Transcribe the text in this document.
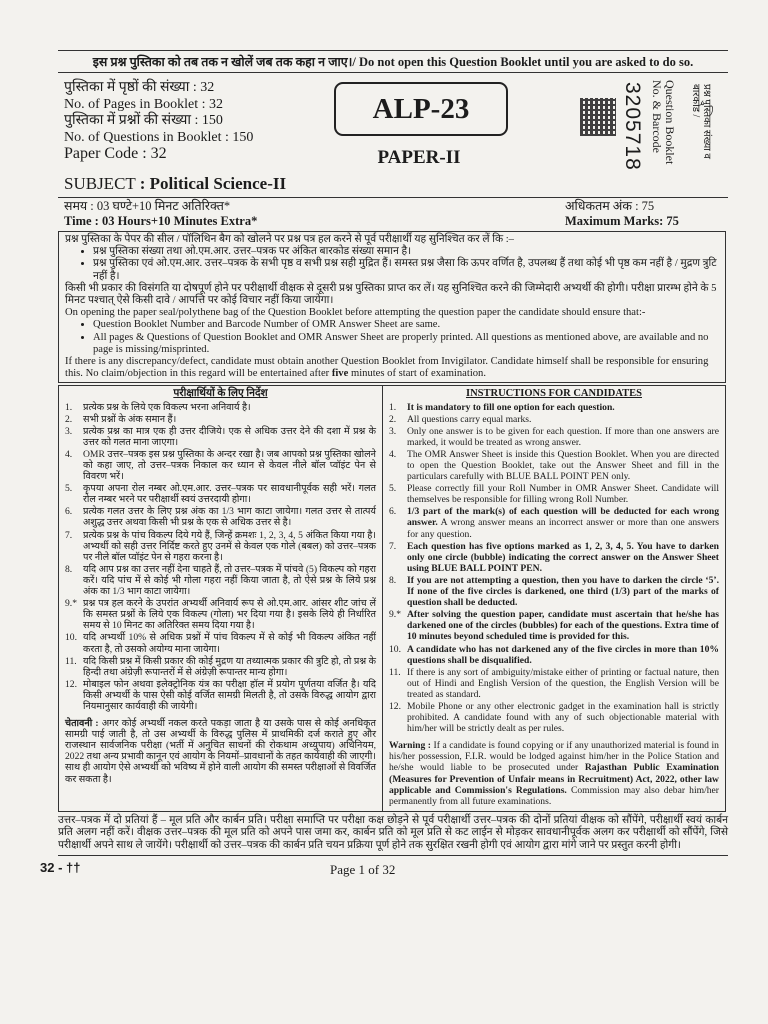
इस प्रश्न पुस्तिका को तब तक न खोलें जब तक कहा न जाए।/ Do not open this Question Booklet until you are asked to do so.
पुस्तिका में पृष्ठों की संख्या : 32
No. of Pages in Booklet : 32
पुस्तिका में प्रश्नों की संख्या : 150
No. of Questions in Booklet : 150
Paper Code : 32
ALP-23
PAPER-II	3205718	Question Booklet No. & Barcode	प्रश्न पुस्तिका संख्या व बारकोड /
SUBJECT : Political Science-II
समय : 03 घण्टे+10 मिनट अतिरिक्त*
Time : 03 Hours+10 Minutes Extra*
अधिकतम अंक : 75
Maximum Marks: 75
प्रश्न पुस्तिका के पेपर की सील / पॉलिथिन बैग को खोलने पर प्रश्न पत्र हल करने से पूर्व परीक्षार्थी यह सुनिश्चित कर लें कि :–
• प्रश्न पुस्तिका संख्या तथा ओ.एम.आर. उत्तर–पत्रक पर अंकित बारकोड संख्या समान है।
• प्रश्न पुस्तिका एवं ओ.एम.आर. उत्तर–पत्रक के सभी पृष्ठ व सभी प्रश्न सही मुद्रित हैं। समस्त प्रश्न जैसा कि ऊपर वर्णित है, उपलब्ध हैं तथा कोई भी पृष्ठ कम नहीं है / मुद्रण त्रुटि नहीं है।
किसी भी प्रकार की विसंगति या दोषपूर्ण होने पर परीक्षार्थी वीक्षक से दूसरी प्रश्न पुस्तिका प्राप्त कर लें। यह सुनिश्चित करने की जिम्मेदारी अभ्यर्थी की होगी। परीक्षा प्रारम्भ होने के 5 मिनट पश्चात् ऐसे किसी दावे / आपत्ति पर कोई विचार नहीं किया जायेगा।
On opening the paper seal/polythene bag of the Question Booklet before attempting the question paper the candidate should ensure that:-
• Question Booklet Number and Barcode Number of OMR Answer Sheet are same.
• All pages & Questions of Question Booklet and OMR Answer Sheet are properly printed. All questions as mentioned above, are available and no page is missing/misprinted.
If there is any discrepancy/defect, candidate must obtain another Question Booklet from Invigilator. Candidate himself shall be responsible for ensuring this. No claim/objection in this regard will be entertained after five minutes of start of examination.
परीक्षार्थियों के लिए निर्देश
1.	प्रत्येक प्रश्न के लिये एक विकल्प भरना अनिवार्य है।
2.	सभी प्रश्नों के अंक समान हैं।
3.	प्रत्येक प्रश्न का मात्र एक ही उत्तर दीजिये। एक से अधिक उत्तर देने की दशा में प्रश्न के उत्तर को गलत माना जाएगा।
4.	OMR उत्तर–पत्रक इस प्रश्न पुस्तिका के अन्दर रखा है। जब आपको प्रश्न पुस्तिका खोलने को कहा जाए, तो उत्तर–पत्रक निकाल कर ध्यान से केवल नीले बॉल प्वॉइंट पेन से विवरण भरें।
5.	कृपया अपना रोल नम्बर ओ.एम.आर. उत्तर–पत्रक पर सावधानीपूर्वक सही भरें। गलत रोल नम्बर भरने पर परीक्षार्थी स्वयं उत्तरदायी होगा।
6.	प्रत्येक गलत उत्तर के लिए प्रश्न अंक का 1/3 भाग काटा जायेगा। गलत उत्तर से तात्पर्य अशुद्ध उत्तर अथवा किसी भी प्रश्न के एक से अधिक उत्तर से है।
7.	प्रत्येक प्रश्न के पांच विकल्प दिये गये हैं, जिन्हें क्रमशः 1, 2, 3, 4, 5 अंकित किया गया है। अभ्यर्थी को सही उत्तर निर्दिष्ट करते हुए उनमें से केवल एक गोले (बबल) को उत्तर–पत्रक पर नीले बॉल प्वॉइंट पेन से गहरा करना है।
8.	यदि आप प्रश्न का उत्तर नहीं देना चाहते हैं, तो उत्तर–पत्रक में पांचवे (5) विकल्प को गहरा करें। यदि पांच में से कोई भी गोला गहरा नहीं किया जाता है, तो ऐसे प्रश्न के लिये प्रश्न अंक का 1/3 भाग काटा जायेगा।
9.* प्रश्न पत्र हल करने के उपरांत अभ्यर्थी अनिवार्य रूप से ओ.एम.आर. आंसर शीट जांच लें कि समस्त प्रश्नों के लिये एक विकल्प (गोला) भर दिया गया है। इसके लिये ही निर्धारित समय से 10 मिनट का अतिरिक्त समय दिया गया है।
10. यदि अभ्यर्थी 10% से अधिक प्रश्नों में पांच विकल्प में से कोई भी विकल्प अंकित नहीं करता है, तो उसको अयोग्य माना जायेगा।
11. यदि किसी प्रश्न में किसी प्रकार की कोई मुद्रण या तथ्यात्मक प्रकार की त्रुटि हो, तो प्रश्न के हिन्दी तथा अंग्रेज़ी रूपान्तरों में से अंग्रेज़ी रूपान्तर मान्य होगा।
12. मोबाइल फोन अथवा इलेक्ट्रोनिक यंत्र का परीक्षा हॉल में प्रयोग पूर्णतया वर्जित है। यदि किसी अभ्यर्थी के पास ऐसी कोई वर्जित सामग्री मिलती है, तो उसके विरुद्ध आयोग द्वारा नियमानुसार कार्यवाही की जायेगी।
चेतावनी : अगर कोई अभ्यर्थी नकल करते पकड़ा जाता है या उसके पास से कोई अनधिकृत सामग्री पाई जाती है, तो उस अभ्यर्थी के विरुद्ध पुलिस में प्राथमिकी दर्ज कराते हुए और राजस्थान सार्वजनिक परीक्षा (भर्ती में अनुचित साधनों की रोकथाम अध्युपाय) अधिनियम, 2022 तथा अन्य प्रभावी कानून एवं आयोग के नियमों–प्रावधानों के तहत कार्यवाही की जाएगी। साथ ही आयोग ऐसे अभ्यर्थी को भविष्य में होने वाली आयोग की समस्त परीक्षाओं से विवर्जित कर सकता है।
INSTRUCTIONS FOR CANDIDATES
1.	It is mandatory to fill one option for each question.
2.	All questions carry equal marks.
3.	Only one answer is to be given for each question. If more than one answers are marked, it would be treated as wrong answer.
4.	The OMR Answer Sheet is inside this Question Booklet. When you are directed to open the Question Booklet, take out the Answer Sheet and fill in the particulars carefully with BLUE BALL POINT PEN only.
5.	Please correctly fill your Roll Number in OMR Answer Sheet. Candidate will themselves be responsible for filling wrong Roll Number.
6.	1/3 part of the mark(s) of each question will be deducted for each wrong answer. A wrong answer means an incorrect answer or more than one answers for any question.
7.	Each question has five options marked as 1, 2, 3, 4, 5. You have to darken only one circle (bubble) indicating the correct answer on the Answer Sheet using BLUE BALL POINT PEN.
8.	If you are not attempting a question, then you have to darken the circle ‘5’. If none of the five circles is darkened, one third (1/3) part of the marks of question shall be deducted.
9.* After solving the question paper, candidate must ascertain that he/she has darkened one of the circles (bubbles) for each of the questions. Extra time of 10 minutes beyond scheduled time is provided for this.
10. A candidate who has not darkened any of the five circles in more than 10% questions shall be disqualified.
11. If there is any sort of ambiguity/mistake either of printing or factual nature, then out of Hindi and English Version of the question, the English Version will be treated as standard.
12. Mobile Phone or any other electronic gadget in the examination hall is strictly prohibited. A candidate found with any of such objectionable material with him/her will be strictly dealt as per rules.
Warning : If a candidate is found copying or if any unauthorized material is found in his/her possession, F.I.R. would be lodged against him/her in the Police Station and he/she would liable to be prosecuted under Rajasthan Public Examination (Measures for Prevention of Unfair means in Recruitment) Act, 2022, other law applicable and Commission's Regulations. Commission may also debar him/her permanently from all future examinations.
उत्तर–पत्रक में दो प्रतियां हैं – मूल प्रति और कार्बन प्रति। परीक्षा समाप्ति पर परीक्षा कक्ष छोड़ने से पूर्व परीक्षार्थी उत्तर–पत्रक की दोनों प्रतियां वीक्षक को सौंपेंगे, परीक्षार्थी स्वयं कार्बन प्रति अलग नहीं करें। वीक्षक उत्तर–पत्रक की मूल प्रति को अपने पास जमा कर, कार्बन प्रति को मूल प्रति से कट लाईन से मोड़कर सावधानीपूर्वक अलग कर परीक्षार्थी को सौंपेंगे, जिसे परीक्षार्थी अपने साथ ले जायेंगे। परीक्षार्थी को उत्तर–पत्रक की कार्बन प्रति चयन प्रक्रिया पूर्ण होने तक सुरक्षित रखनी होगी एवं आयोग द्वारा मांगे जाने पर प्रस्तुत करनी होगी।
32 - ††	Page 1 of 32
